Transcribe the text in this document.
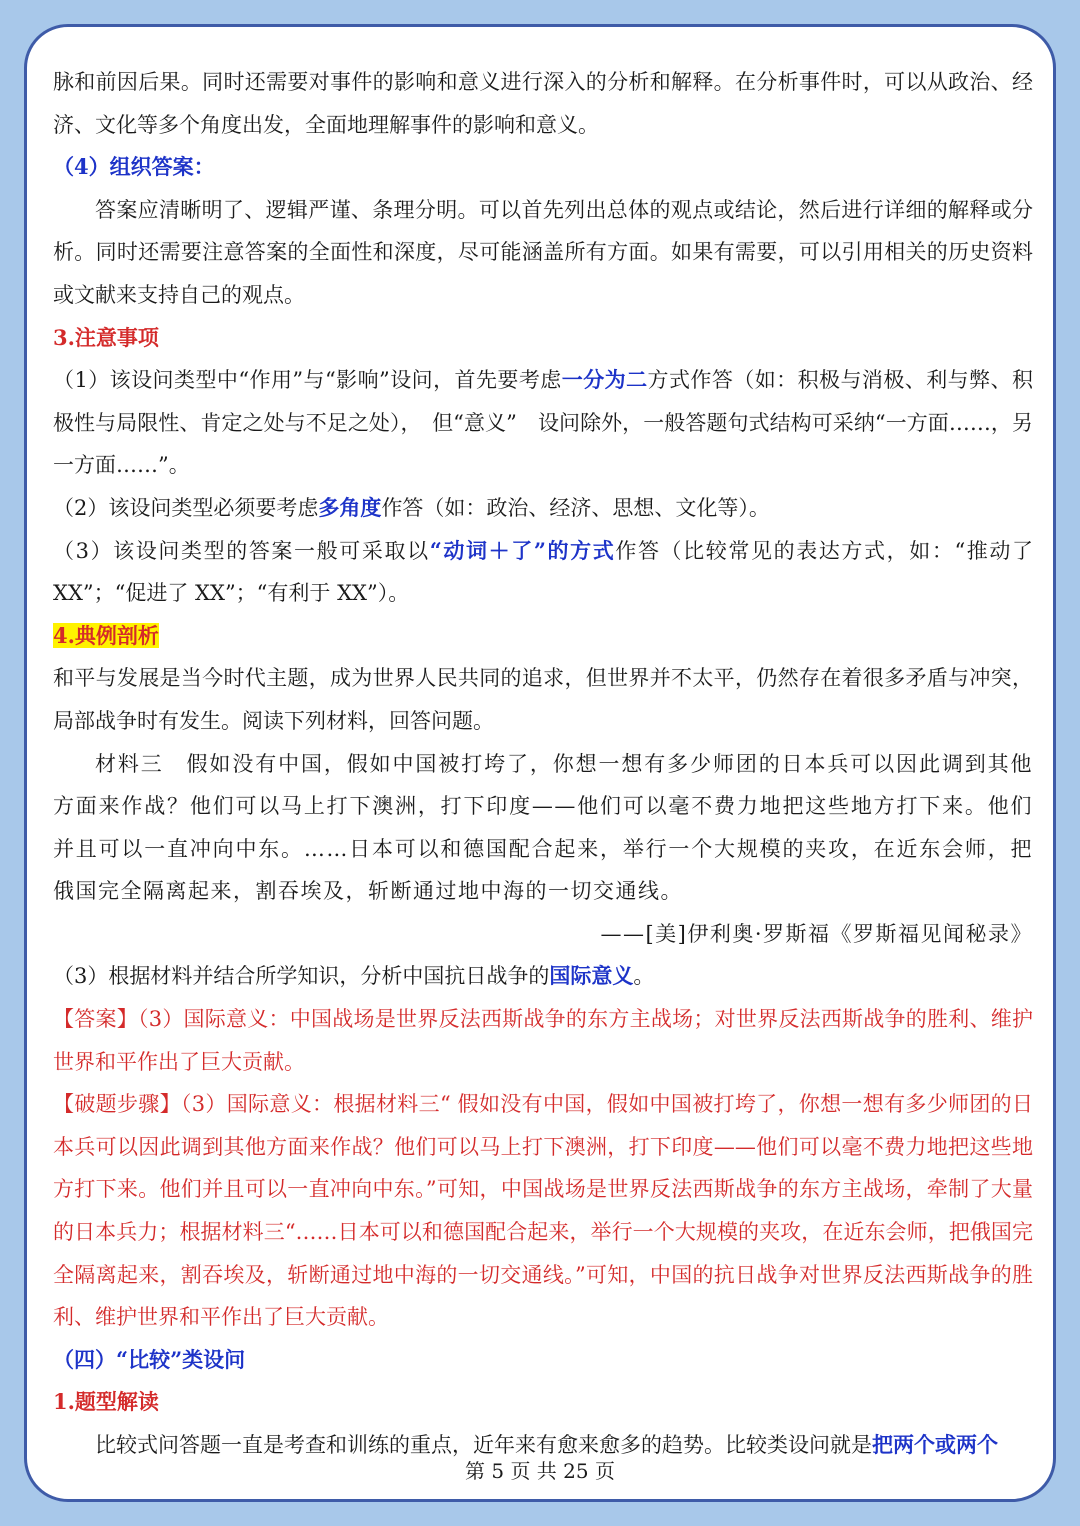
脉和前因后果。同时还需要对事件的影响和意义进行深入的分析和解释。在分析事件时，可以从政治、经济、文化等多个角度出发，全面地理解事件的影响和意义。

（4）组织答案：

答案应清晰明了、逻辑严谨、条理分明。可以首先列出总体的观点或结论，然后进行详细的解释或分析。同时还需要注意答案的全面性和深度，尽可能涵盖所有方面。如果有需要，可以引用相关的历史资料或文献来支持自己的观点。

3.注意事项

（1）该设问类型中“作用”与“影响”设问，首先要考虑一分为二方式作答（如：积极与消极、利与弊、积极性与局限性、肯定之处与不足之处），　但“意义”　设问除外，一般答题句式结构可采纳“一方面……，另一方面……”。

（2）该设问类型必须要考虑多角度作答（如：政治、经济、思想、文化等）。

（3）该设问类型的答案一般可采取以“动词＋了”的方式作答（比较常见的表达方式，如：“推动了 XX”；“促进了 XX”；“有利于 XX”）。

4.典例剖析

和平与发展是当今时代主题，成为世界人民共同的追求，但世界并不太平，仍然存在着很多矛盾与冲突，局部战争时有发生。阅读下列材料，回答问题。

材料三　假如没有中国，假如中国被打垮了，你想一想有多少师团的日本兵可以因此调到其他方面来作战？他们可以马上打下澳洲，打下印度——他们可以毫不费力地把这些地方打下来。他们并且可以一直冲向中东。……日本可以和德国配合起来，举行一个大规模的夹攻，在近东会师，把俄国完全隔离起来，割吞埃及，斩断通过地中海的一切交通线。

——[美]伊利奥·罗斯福《罗斯福见闻秘录》

（3）根据材料并结合所学知识，分析中国抗日战争的国际意义。

【答案】（3）国际意义：中国战场是世界反法西斯战争的东方主战场；对世界反法西斯战争的胜利、维护世界和平作出了巨大贡献。

【破题步骤】（3）国际意义：根据材料三“ 假如没有中国，假如中国被打垮了，你想一想有多少师团的日本兵可以因此调到其他方面来作战？他们可以马上打下澳洲，打下印度——他们可以毫不费力地把这些地方打下来。他们并且可以一直冲向中东。”可知，中国战场是世界反法西斯战争的东方主战场，牵制了大量的日本兵力；根据材料三“……日本可以和德国配合起来，举行一个大规模的夹攻，在近东会师，把俄国完全隔离起来，割吞埃及，斩断通过地中海的一切交通线。”可知，中国的抗日战争对世界反法西斯战争的胜利、维护世界和平作出了巨大贡献。

（四）“比较”类设问

1.题型解读

比较式问答题一直是考查和训练的重点，近年来有愈来愈多的趋势。比较类设问就是把两个或两个

第 5 页 共 25 页
